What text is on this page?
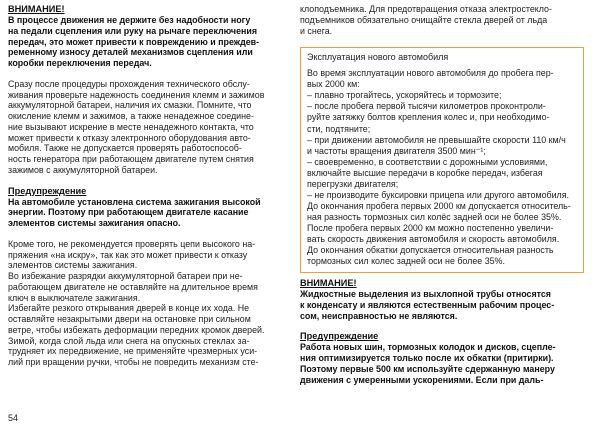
ВНИМАНИЕ!

В процессе движения не держите без надобности ногу

на педали сцепления или руку на рычаге переключения

передач, это может привести к повреждению и преждев-

ременному износу деталей механизмов сцепления или

коробки переключения передач.

Сразу после процедуры прохождения технического обслу-

живания проверьте надежность соединения клемм и зажимов

аккумуляторной батареи, наличия их смазки. Помните, что

окисление клемм и зажимов, а также ненадежное соедине-

ние вызывают искрение в месте ненадежного контакта, что

может привести к отказу электронного оборудования авто-

мобиля. Также не допускается проверять работоспособ-

ность генератора при работающем двигателе путем снятия

зажимов с аккумуляторной батареи.

Предупреждение

На автомобиле установлена система зажигания высокой

энергии. Поэтому при работающем двигателе касание

элементов системы зажигания опасно.

Кроме того, не рекомендуется проверять цепи высокого на-

пряжения «на искру», так как это может привести к отказу

элементов системы зажигания.

Во избежание разрядки аккумуляторной батареи при не-

работающем двигателе не оставляйте на длительное время

ключ в выключателе зажигания.

Избегайте резкого открывания дверей в конце их хода. Не

оставляйте незакрытыми двери на остановке при сильном

ветре, чтобы избежать деформации передних кромок дверей.

Зимой, когда слой льда или снега на опускных стеклах за-

трудняет их передвижение, не применяйте чрезмерных уси-

лий при вращении ручки, чтобы не повредить механизм сте-

клоподъемника. Для предотвращения отказа электростекло-

подъемников обязательно очищайте стекла дверей от льда

и снега.

Эксплуатация нового автомобиля

Во время эксплуатации нового автомобиля до пробега пер-

вых 2000 км:

– плавно трогайтесь, ускоряйтесь и тормозите;

– после пробега первой тысячи километров проконтроли-

руйте затяжку болтов крепления колес и, при необходимо-

сти, подтяните;

– при движении автомобиля не превышайте скорости 110 км/ч

и частоты вращения двигателя 3500 мин⁻¹;

– своевременно, в соответствии с дорожными условиями,

включайте высшие передачи в коробке передач, избегая

перегрузки двигателя;

– не производите буксировки прицепа или другого автомобиля.

До окончания пробега первых 2000 км допускается относитель-

ная разность тормозных сил колёс задней оси не более 35%.

После пробега первых 2000 км можно постепенно увеличи-

вать скорость движения автомобиля и скорость автомобиля.

До окончания обкатки допускается относительная разность

тормозных сил колес задней оси не более 35%.

ВНИМАНИЕ!

Жидкостные выделения из выхлопной трубы относятся

к конденсату и являются естественным рабочим процес-

сом, неисправностью не являются.

Предупреждение

Работа новых шин, тормозных колодок и дисков, сцепле-

ния оптимизируется только после их обкатки (притирки).

Поэтому первые 500 км используйте сдержанную манеру

движения с умеренными ускорениями. Если при даль-

54
